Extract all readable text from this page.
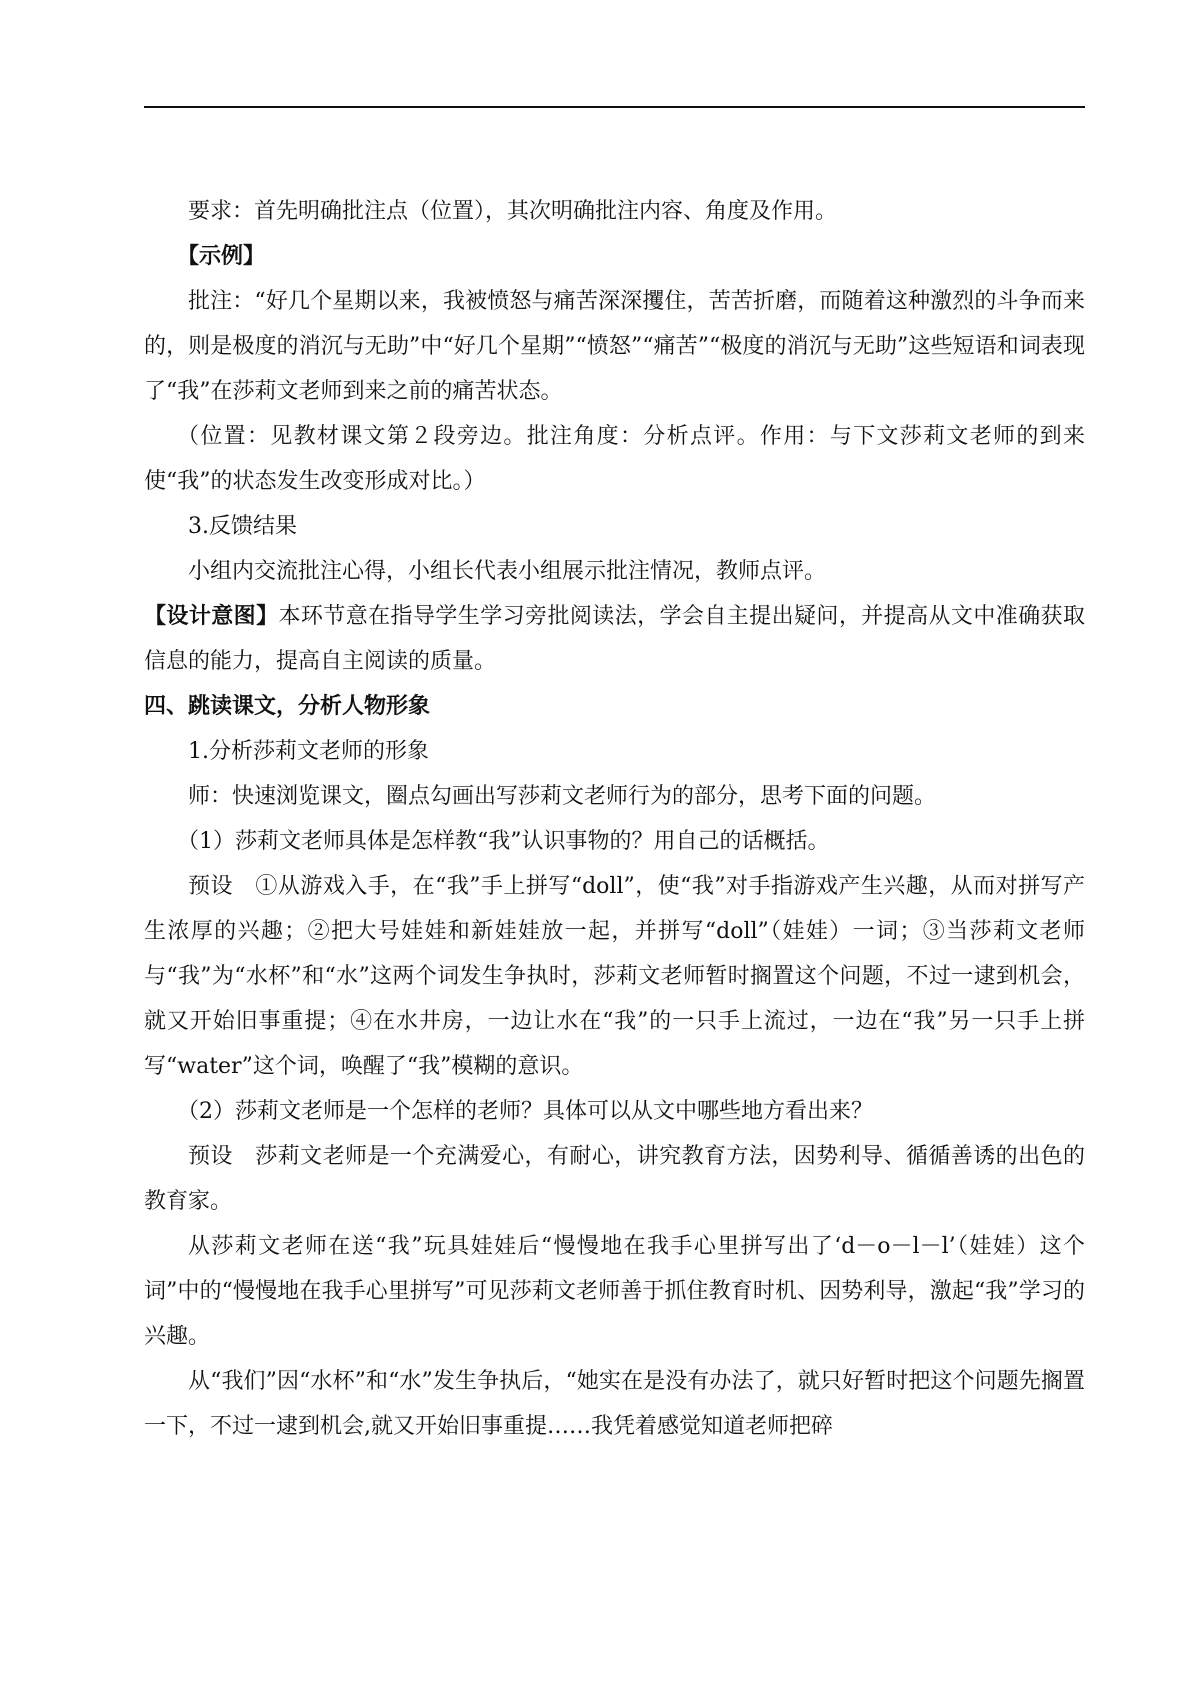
要求：首先明确批注点（位置），其次明确批注内容、角度及作用。

【示例】

批注：“好几个星期以来，我被愤怒与痛苦深深攫住，苦苦折磨，而随着这种激烈的斗争而来的，则是极度的消沉与无助”中“好几个星期”“愤怒”“痛苦”“极度的消沉与无助”这些短语和词表现了“我”在莎莉文老师到来之前的痛苦状态。

（位置：见教材课文第２段旁边。批注角度：分析点评。作用：与下文莎莉文老师的到来使“我”的状态发生改变形成对比。）

3.反馈结果

小组内交流批注心得，小组长代表小组展示批注情况，教师点评。

【设计意图】本环节意在指导学生学习旁批阅读法，学会自主提出疑问，并提高从文中准确获取信息的能力，提高自主阅读的质量。

四、跳读课文，分析人物形象

1.分析莎莉文老师的形象

师：快速浏览课文，圈点勾画出写莎莉文老师行为的部分，思考下面的问题。

（1）莎莉文老师具体是怎样教“我”认识事物的？用自己的话概括。

预设　①从游戏入手，在“我”手上拼写“doll”，使“我”对手指游戏产生兴趣，从而对拼写产生浓厚的兴趣；②把大号娃娃和新娃娃放一起，并拼写“doll”（娃娃）一词；③当莎莉文老师与“我”为“水杯”和“水”这两个词发生争执时，莎莉文老师暂时搁置这个问题，不过一逮到机会，就又开始旧事重提；④在水井房，一边让水在“我”的一只手上流过，一边在“我”另一只手上拼写“water”这个词，唤醒了“我”模糊的意识。

（2）莎莉文老师是一个怎样的老师？具体可以从文中哪些地方看出来？

预设　莎莉文老师是一个充满爱心，有耐心，讲究教育方法，因势利导、循循善诱的出色的教育家。

从莎莉文老师在送“我”玩具娃娃后“慢慢地在我手心里拼写出了‘d－o－l－l’（娃娃）这个词”中的“慢慢地在我手心里拼写”可见莎莉文老师善于抓住教育时机、因势利导，激起“我”学习的兴趣。

从“我们”因“水杯”和“水”发生争执后，“她实在是没有办法了，就只好暂时把这个问题先搁置一下，不过一逮到机会,就又开始旧事重提……我凭着感觉知道老师把碎
